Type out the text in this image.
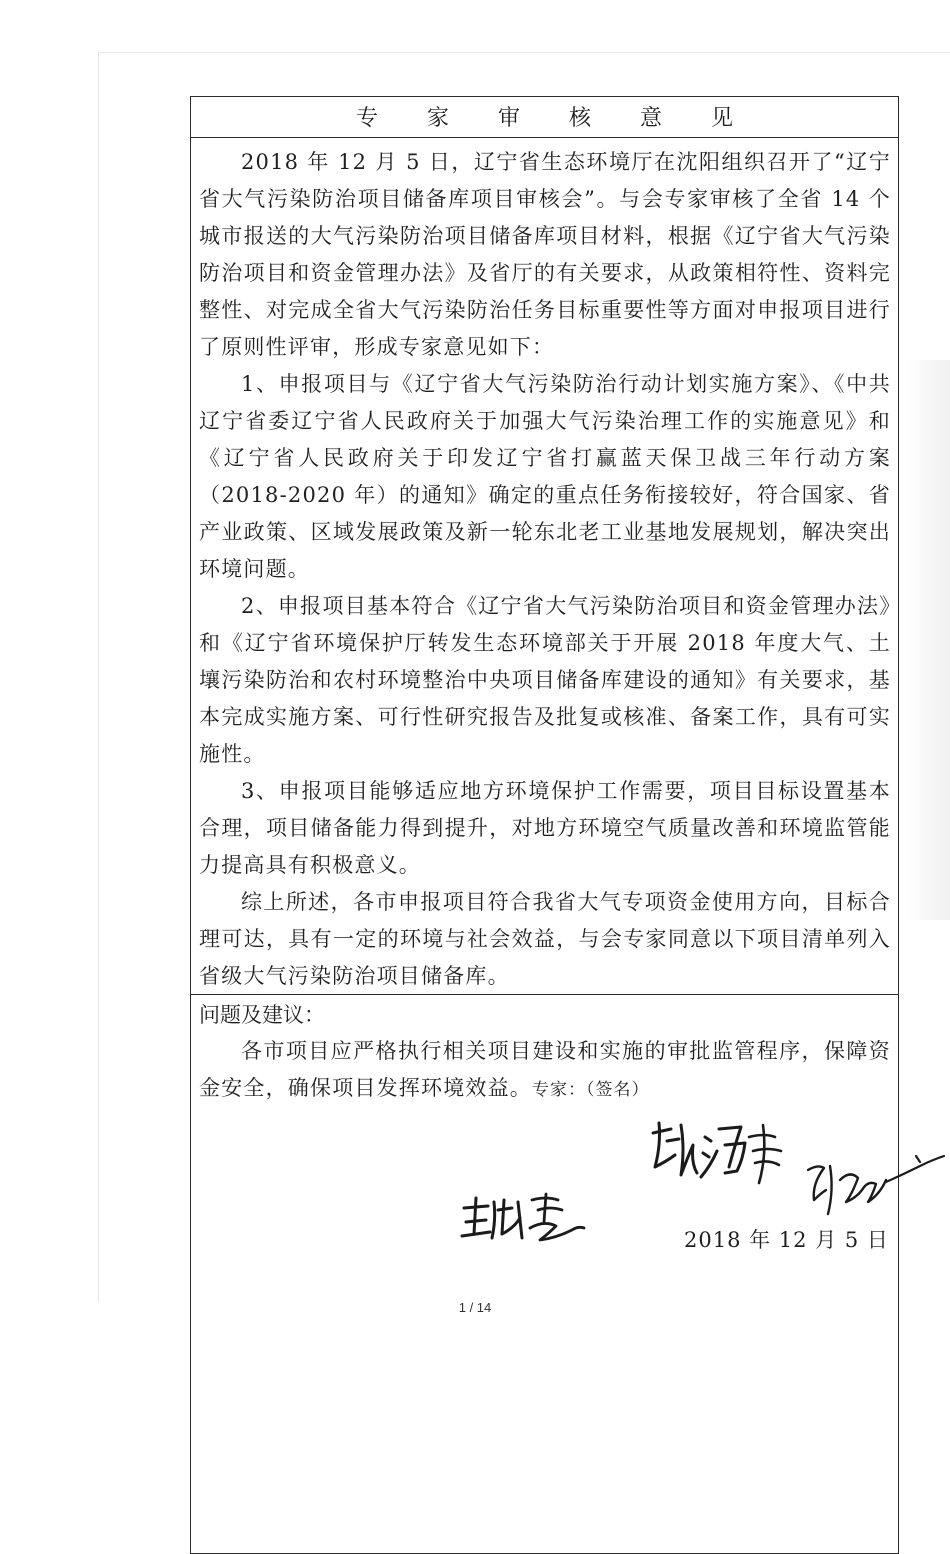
专 家 审 核 意 见

2018 年 12 月 5 日，辽宁省生态环境厅在沈阳组织召开了“辽宁省大气污染防治项目储备库项目审核会”。与会专家审核了全省 14 个城市报送的大气污染防治项目储备库项目材料，根据《辽宁省大气污染防治项目和资金管理办法》及省厅的有关要求，从政策相符性、资料完整性、对完成全省大气污染防治任务目标重要性等方面对申报项目进行了原则性评审，形成专家意见如下：

1、申报项目与《辽宁省大气污染防治行动计划实施方案》、《中共辽宁省委辽宁省人民政府关于加强大气污染治理工作的实施意见》和《辽宁省人民政府关于印发辽宁省打赢蓝天保卫战三年行动方案（2018-2020 年）的通知》确定的重点任务衔接较好，符合国家、省产业政策、区域发展政策及新一轮东北老工业基地发展规划，解决突出环境问题。

2、申报项目基本符合《辽宁省大气污染防治项目和资金管理办法》和《辽宁省环境保护厅转发生态环境部关于开展 2018 年度大气、土壤污染防治和农村环境整治中央项目储备库建设的通知》有关要求，基本完成实施方案、可行性研究报告及批复或核准、备案工作，具有可实施性。

3、申报项目能够适应地方环境保护工作需要，项目目标设置基本合理，项目储备能力得到提升，对地方环境空气质量改善和环境监管能力提高具有积极意义。

综上所述，各市申报项目符合我省大气专项资金使用方向，目标合理可达，具有一定的环境与社会效益，与会专家同意以下项目清单列入省级大气污染防治项目储备库。

问题及建议：

各市项目应严格执行相关项目建设和实施的审批监管程序，保障资金安全，确保项目发挥环境效益。专家：（签名）

2018 年 12 月 5 日
1 / 14
